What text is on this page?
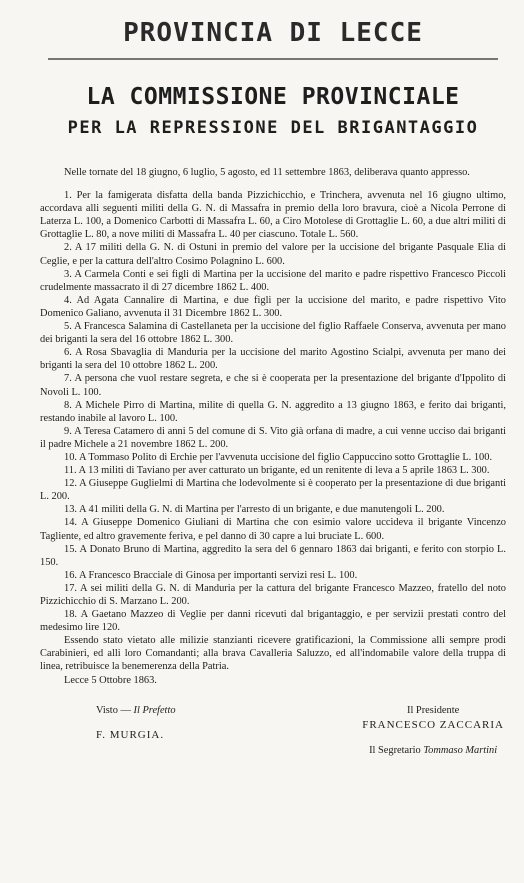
PROVINCIA DI LECCE
LA COMMISSIONE PROVINCIALE
PER LA REPRESSIONE DEL BRIGANTAGGIO

Nelle tornate del 18 giugno, 6 luglio, 5 agosto, ed 11 settembre 1863, deliberava quanto appresso.

1. Per la famigerata disfatta della banda Pizzichicchio, e Trinchera, avvenuta nel 16 giugno ultimo, accordava alli seguenti militi della G. N. di Massafra in premio della loro bravura, cioè a Nicola Perrone di Laterza L. 100, a Domenico Carbotti di Massafra L. 60, a Ciro Motolese di Grottaglie L. 60, a due altri militi di Grottaglie L. 80, a nove militi di Massafra L. 40 per ciascuno. Totale L. 560.

2. A 17 militi della G. N. di Ostuni in premio del valore per la uccisione del brigante Pasquale Elia di Ceglie, e per la cattura dell'altro Cosimo Polagnino L. 600.

3. A Carmela Conti e sei figli di Martina per la uccisione del marito e padre rispettivo Francesco Piccoli crudelmente massacrato il dì 27 dicembre 1862 L. 400.

4. Ad Agata Cannalire di Martina, e due figli per la uccisione del marito, e padre rispettivo Vito Domenico Galiano, avvenuta il 31 Dicembre 1862 L. 300.

5. A Francesca Salamina di Castellaneta per la uccisione del figlio Raffaele Conserva, avvenuta per mano dei briganti la sera del 16 ottobre 1862 L. 300.

6. A Rosa Sbavaglia di Manduria per la uccisione del marito Agostino Scialpi, avvenuta per mano dei briganti la sera del 10 ottobre 1862 L. 200.

7. A persona che vuol restare segreta, e che si è cooperata per la presentazione del brigante d'Ippolito di Novoli L. 100.

8. A Michele Pirro di Martina, milite di quella G. N. aggredito a 13 giugno 1863, e ferito dai briganti, restando inabile al lavoro L. 100.

9. A Teresa Catamero di anni 5 del comune di S. Vito già orfana di madre, a cui venne ucciso dai briganti il padre Michele a 21 novembre 1862 L. 200.

10. A Tommaso Polito di Erchie per l'avvenuta uccisione del figlio Cappuccino sotto Grottaglie L. 100.

11. A 13 militi di Taviano per aver catturato un brigante, ed un renitente di leva a 5 aprile 1863 L. 300.

12. A Giuseppe Guglielmi di Martina che lodevolmente si è cooperato per la presentazione di due briganti L. 200.

13. A 41 militi della G. N. di Martina per l'arresto di un brigante, e due manutengoli L. 200.

14. A Giuseppe Domenico Giuliani di Martina che con esimio valore uccideva il brigante Vincenzo Tagliente, ed altro gravemente feriva, e pel danno di 30 capre a lui bruciate L. 600.

15. A Donato Bruno di Martina, aggredito la sera del 6 gennaro 1863 dai briganti, e ferito con storpio L. 150.

16. A Francesco Bracciale di Ginosa per importanti servizi resi L. 100.

17. A sei militi della G. N. di Manduria per la cattura del brigante Francesco Mazzeo, fratello del noto Pizzichicchio di S. Marzano L. 200.

18. A Gaetano Mazzeo di Veglie per danni ricevuti dal brigantaggio, e per servizii prestati contro del medesimo lire 120.

Essendo stato vietato alle milizie stanzianti ricevere gratificazioni, la Commissione alli sempre prodi Carabinieri, ed alli loro Comandanti; alla brava Cavalleria Saluzzo, ed all'indomabile valore della truppa di linea, retribuisce la benemerenza della Patria.

Lecce 5 Ottobre 1863.

Visto — Il Prefetto
F. MURGIA.
Il Presidente
FRANCESCO ZACCARIA
Il Segretario Tommaso Martini
